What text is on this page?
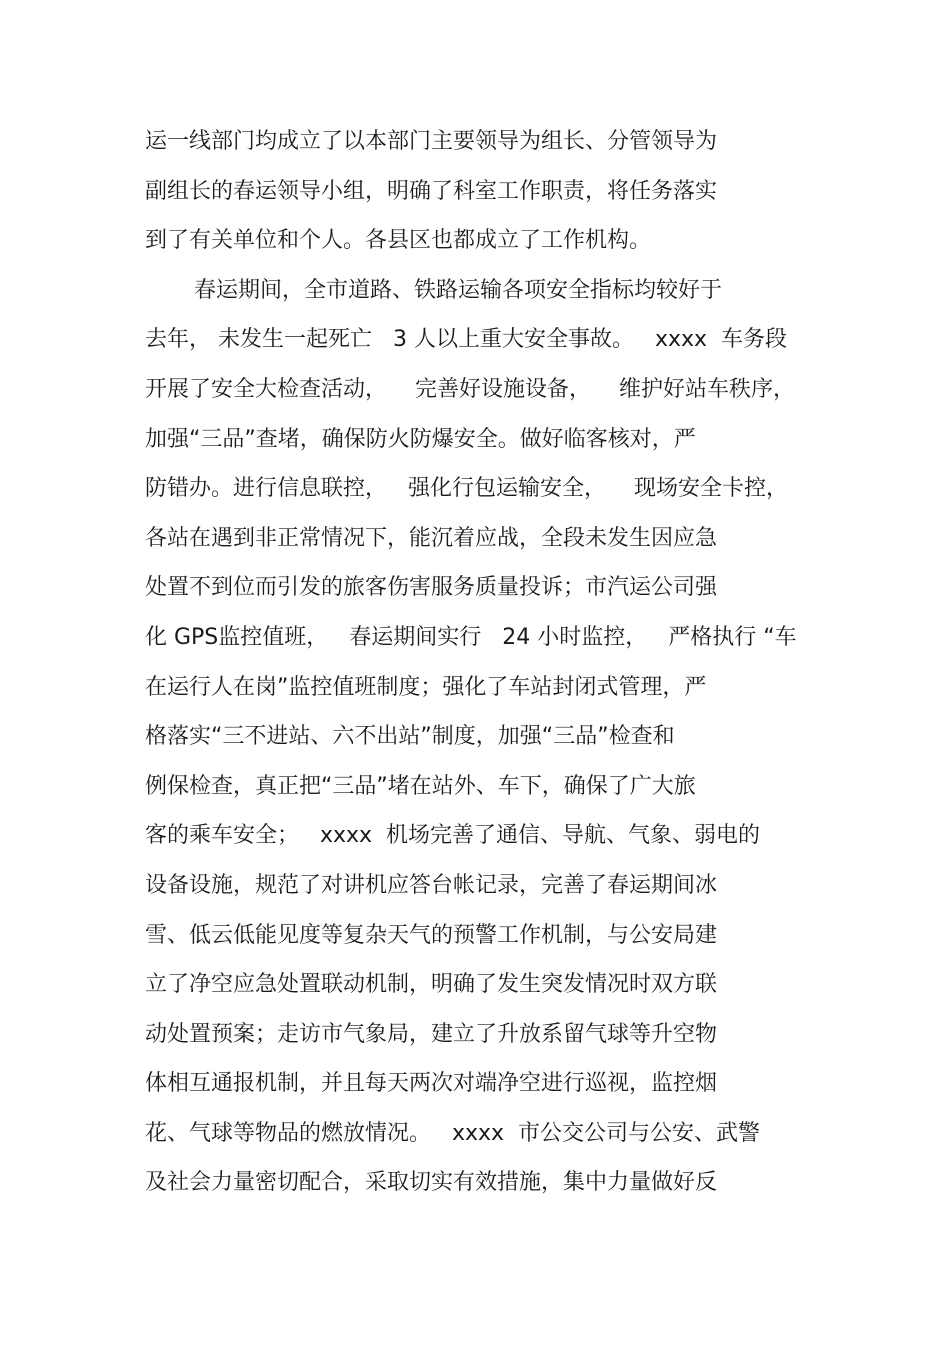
运一线部门均成立了以本部门主要领导为组长、分管领导为

副组长的春运领导小组，明确了科室工作职责，将任务落实

到了有关单位和个人。各县区也都成立了工作机构。

春运期间，全市道路、铁路运输各项安全指标均较好于

去年， 未发生一起死亡   3 人以上重大安全事故。   xxxx  车务段

开展了安全大检查活动，    完善好设施设备，    维护好站车秩序，

加强“三品”查堵，确保防火防爆安全。做好临客核对，严

防错办。进行信息联控，   强化行包运输安全，    现场安全卡控，

各站在遇到非正常情况下，能沉着应战，全段未发生因应急

处置不到位而引发的旅客伤害服务质量投诉；市汽运公司强

化 GPS监控值班，   春运期间实行   24 小时监控，   严格执行 “车

在运行人在岗”监控值班制度；强化了车站封闭式管理，严

格落实“三不进站、六不出站”制度，加强“三品”检查和

例保检查，真正把“三品”堵在站外、车下，确保了广大旅

客的乘车安全；   xxxx  机场完善了通信、导航、气象、弱电的

设备设施，规范了对讲机应答台帐记录，完善了春运期间冰

雪、低云低能见度等复杂天气的预警工作机制，与公安局建

立了净空应急处置联动机制，明确了发生突发情况时双方联

动处置预案；走访市气象局，建立了升放系留气球等升空物

体相互通报机制，并且每天两次对端净空进行巡视，监控烟

花、气球等物品的燃放情况。   xxxx  市公交公司与公安、武警

及社会力量密切配合，采取切实有效措施，集中力量做好反
